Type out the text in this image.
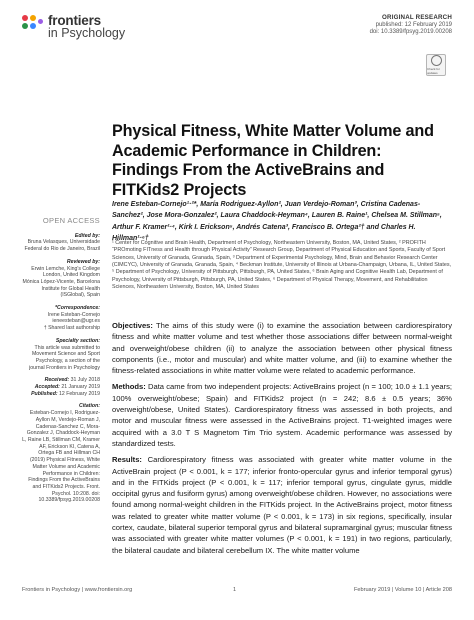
frontiers
in Psychology
ORIGINAL RESEARCH
published: 12 February 2019
doi: 10.3389/fpsyg.2019.00208
Check for updates
Physical Fitness, White Matter Volume and Academic Performance in Children: Findings From the ActiveBrains and FITKids2 Projects
Irene Esteban-Cornejo¹·²*, María Rodriguez-Ayllon², Juan Verdejo-Roman³, Cristina Cadenas-Sanchez², Jose Mora-Gonzalez², Laura Chaddock-Heyman⁴, Lauren B. Raine¹, Chelsea M. Stillman⁵, Arthur F. Kramer¹·⁴, Kirk I. Erickson⁵, Andrés Catena³, Francisco B. Ortega²† and Charles H. Hillman¹·⁶†
¹ Center for Cognitive and Brain Health, Department of Psychology, Northeastern University, Boston, MA, United States, ² PROFITH “PROmoting FITness and Health through Physical Activity” Research Group, Department of Physical Education and Sports, Faculty of Sport Sciences, University of Granada, Granada, Spain, ³ Department of Experimental Psychology, Mind, Brain and Behavior Research Center (CIMCYC), University of Granada, Granada, Spain, ⁴ Beckman Institute, University of Illinois at Urbana-Champaign, Urbana, IL, United States, ⁵ Department of Psychology, University of Pittsburgh, Pittsburgh, PA, United States, ⁶ Brain Aging and Cognitive Health Lab, Department of Psychology, University of Pittsburgh, Pittsburgh, PA, United States, ⁶ Department of Physical Therapy, Movement, and Rehabilitation Sciences, Northeastern University, Boston, MA, United States
OPEN ACCESS
Edited by:
Bruna Velasques, Universidade Federal do Rio de Janeiro, Brazil
Reviewed by:
Erwin Lemche, King's College London, United Kingdom
Mónica López-Vicente, Barcelona Institute for Global Health (ISGlobal), Spain
*Correspondence:
Irene Esteban-Cornejo
ieneesteban@ugr.es
† Shared last authorship
Specialty section:
This article was submitted to Movement Science and Sport Psychology, a section of the journal Frontiers in Psychology
Received: 31 July 2018
Accepted: 21 January 2019
Published: 12 February 2019
Citation:
Esteban-Cornejo I, Rodriguez-Ayllon M, Verdejo-Roman J, Cadenas-Sanchez C, Mora-Gonzalez J, Chaddock-Heyman L, Raine LB, Stillman CM, Kramer AF, Erickson KI, Catena A, Ortega FB and Hillman CH (2019) Physical Fitness, White Matter Volume and Academic Performance in Children: Findings From the ActiveBrains and FITKids2 Projects. Front. Psychol. 10:208. doi: 10.3389/fpsyg.2019.00208

Objectives: The aims of this study were (i) to examine the association between cardiorespiratory fitness and white matter volume and test whether those associations differ between normal-weight and overweight/obese children (ii) to analyze the association between other physical fitness components (i.e., motor and muscular) and white matter volume, and (iii) to examine whether the fitness-related associations in white matter volume were related to academic performance.

Methods: Data came from two independent projects: ActiveBrains project (n = 100; 10.0 ± 1.1 years; 100% overweight/obese; Spain) and FITKids2 project (n = 242; 8.6 ± 0.5 years; 36% overweight/obese, United States). Cardiorespiratory fitness was assessed in both projects, and motor and muscular fitness were assessed in the ActiveBrains project. T1-weighted images were acquired with a 3.0 T S Magnetom Tim Trio system. Academic performance was assessed by standardized tests.

Results: Cardiorespiratory fitness was associated with greater white matter volume in the ActiveBrain project (P < 0.001, k = 177; inferior fronto-opercular gyrus and inferior temporal gyrus) and in the FITKids project (P < 0.001, k = 117; inferior temporal gyrus, cingulate gyrus, middle occipital gyrus and fusiform gyrus) among overweight/obese children. However, no associations were found among normal-weight children in the FITKids project. In the ActiveBrains project, motor fitness was related to greater white matter volume (P < 0.001, k = 173) in six regions, specifically, insular cortex, caudate, bilateral superior temporal gyrus and bilateral supramarginal gyrus; muscular fitness was associated with greater white matter volumes (P < 0.001, k = 191) in two regions, particularly, the bilateral caudate and bilateral cerebellum IX. The white matter volume

Frontiers in Psychology | www.frontiersin.org	1	February 2019 | Volume 10 | Article 208
